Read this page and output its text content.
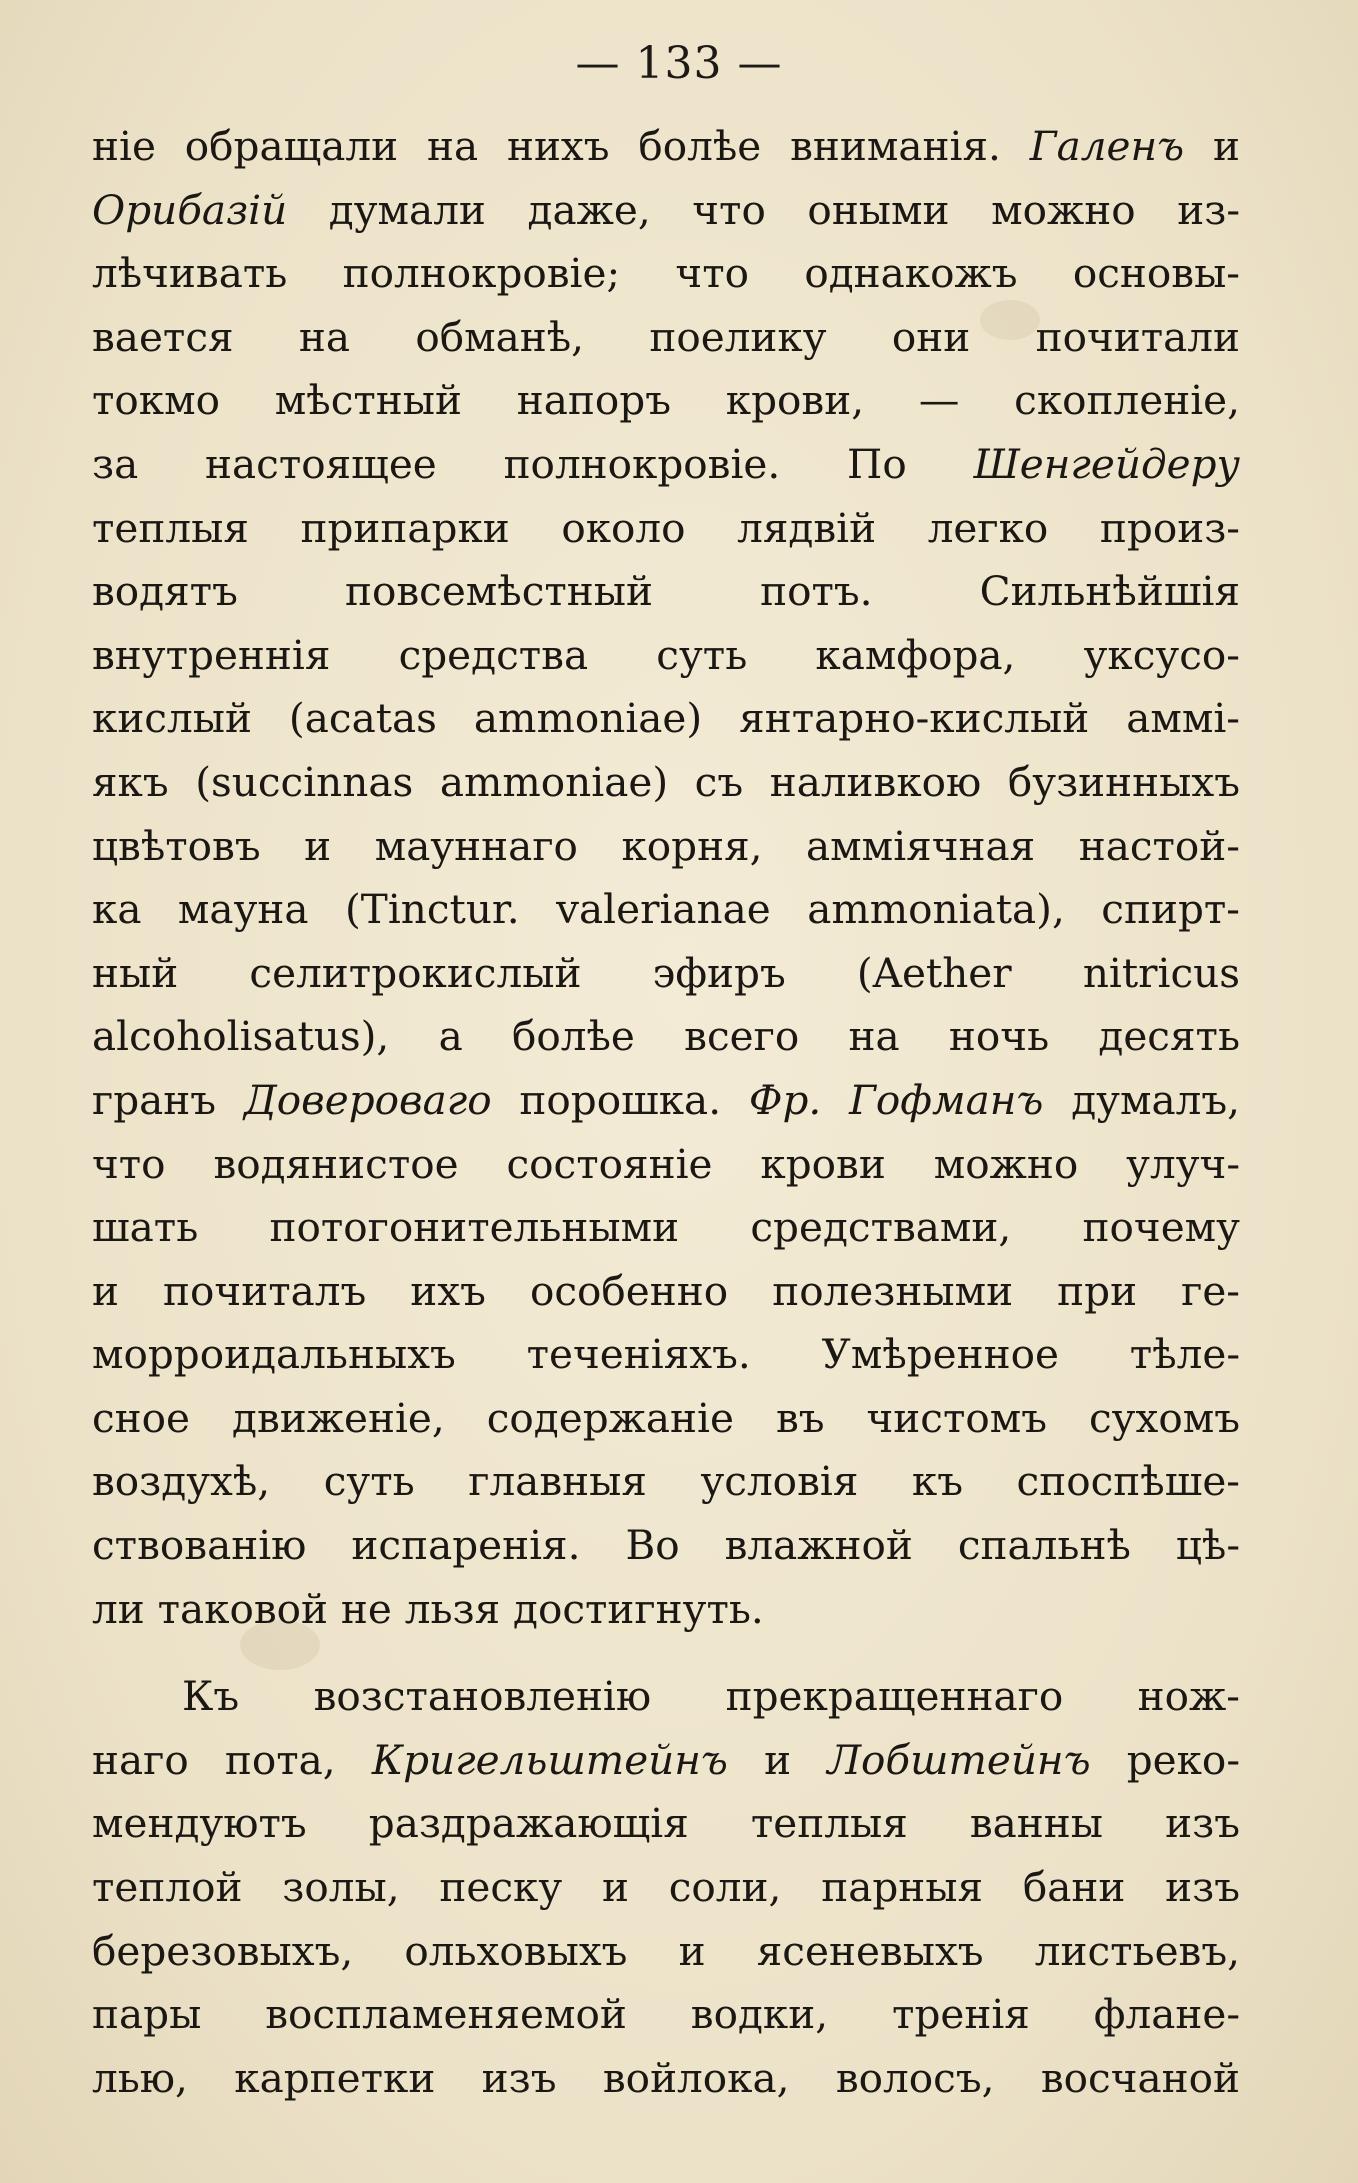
— 133 —
ніе обращали на нихъ болѣе вниманія. Галенъ и
Орибазій думали даже, что оными можно из-
лѣчивать полнокровіе; что однакожъ основы-
вается на обманѣ, поелику они почитали
токмо мѣстный напоръ крови, — скопленіе,
за настоящее полнокровіе. По Шенгейдеру
теплыя припарки около лядвій легко произ-
водятъ повсемѣстный потъ. Сильнѣйшія
внутреннія средства суть камфора, уксусо-
кислый (acatas ammoniae) янтарно-кислый аммі-
якъ (succinnas ammoniae) съ наливкою бузинныхъ
цвѣтовъ и мауннаго корня, амміячная настой-
ка мауна (Tinctur. valerianae ammoniata), спирт-
ный селитрокислый эфиръ (Aether nitricus
alcoholisatus), а болѣе всего на ночь десять
гранъ Доверовaго порошка. Фр. Гофманъ думалъ,
что водянистое состояніе крови можно улуч-
шать потогонительными средствами, почему
и почиталъ ихъ особенно полезными при ге-
морроидальныхъ теченіяхъ. Умѣренное тѣле-
сное движеніе, содержаніе въ чистомъ сухомъ
воздухѣ, суть главныя условія къ споспѣше-
ствованію испаренія. Во влажной спальнѣ цѣ-
ли таковой не льзя достигнуть.
Къ возстановленію прекращеннаго нож-
наго пота, Кригельштейнъ и Лобштейнъ реко-
мендуютъ раздражающія теплыя ванны изъ
теплой золы, песку и соли, парныя бани изъ
березовыхъ, ольховыхъ и ясеневыхъ листьевъ,
пары воспламеняемой водки, тренія флане-
лью, карпетки изъ войлока, волосъ, восчаной
